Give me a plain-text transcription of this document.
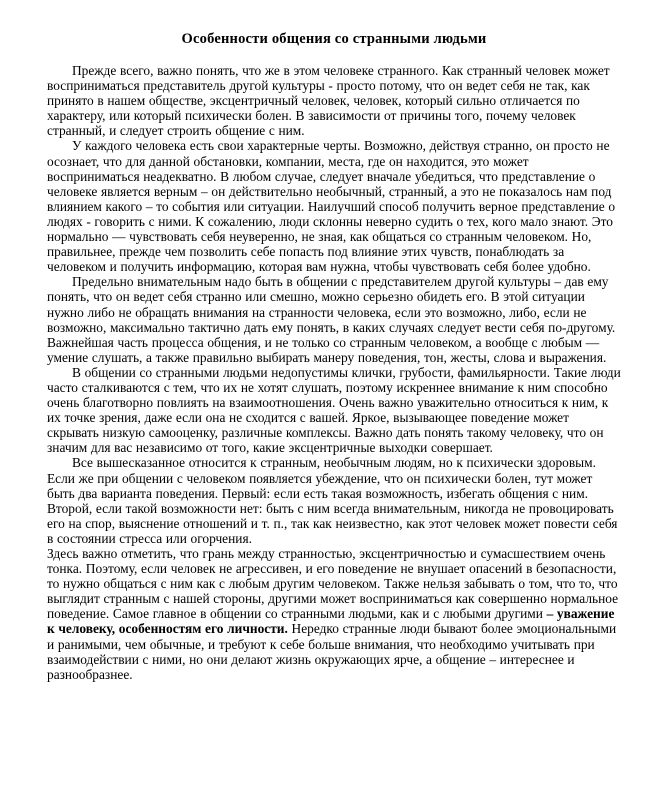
Особенности общения со странными людьми

Прежде всего, важно понять, что же в этом человеке странного. Как странный человек может восприниматься представитель другой культуры - просто потому, что он ведет себя не так, как принято в нашем обществе, эксцентричный человек, человек, который сильно отличается по характеру, или который психически болен. В зависимости от причины того, почему человек странный, и следует строить общение с ним.

У каждого человека есть свои характерные черты. Возможно, действуя странно, он просто не осознает, что для данной обстановки, компании, места, где он находится, это может восприниматься неадекватно. В любом случае, следует вначале убедиться, что представление о человеке является верным – он действительно необычный, странный, а это не показалось нам под влиянием какого – то события или ситуации. Наилучший способ получить верное представление о людях - говорить с ними. К сожалению, люди склонны неверно судить о тех, кого мало знают. Это нормально — чувствовать себя неуверенно, не зная, как общаться со странным человеком. Но, правильнее, прежде чем позволить себе попасть под влияние этих чувств, понаблюдать за человеком и получить информацию, которая вам нужна, чтобы чувствовать себя более удобно.

Предельно внимательным надо быть в общении с представителем другой культуры – дав ему понять, что он ведет себя странно или смешно, можно серьезно обидеть его. В этой ситуации нужно либо не обращать внимания на странности человека, если это возможно, либо, если не возможно, максимально тактично дать ему понять, в каких случаях следует вести себя по-другому. Важнейшая часть процесса общения, и не только со странным человеком, а вообще с любым — умение слушать, а также правильно выбирать манеру поведения, тон, жесты, слова и выражения.

В общении со странными людьми недопустимы клички, грубости, фамильярности. Такие люди часто сталкиваются с тем, что их не хотят слушать, поэтому искреннее внимание к ним способно очень благотворно повлиять на взаимоотношения. Очень важно уважительно относиться к ним, к их точке зрения, даже если она не сходится с вашей. Яркое, вызывающее поведение может скрывать низкую самооценку, различные комплексы. Важно дать понять такому человеку, что он значим для вас независимо от того, какие эксцентричные выходки совершает.

Все вышесказанное относится к странным, необычным людям, но к психически здоровым. Если же при общении с человеком появляется убеждение, что он психически болен, тут может быть два варианта поведения. Первый: если есть такая возможность, избегать общения с ним. Второй, если такой возможности нет: быть с ним всегда внимательным, никогда не провоцировать его на спор, выяснение отношений и т. п., так как неизвестно, как этот человек может повести себя в состоянии стресса или огорчения.

Здесь важно отметить, что грань между странностью, эксцентричностью и сумасшествием очень тонка. Поэтому, если человек не агрессивен, и его поведение не внушает опасений в безопасности, то нужно общаться с ним как с любым другим человеком. Также нельзя забывать о том, что то, что выглядит странным с нашей стороны, другими может восприниматься как совершенно нормальное поведение. Самое главное в общении со странными людьми, как и с любыми другими – уважение к человеку, особенностям его личности. Нередко странные люди бывают более эмоциональными и ранимыми, чем обычные, и требуют к себе больше внимания, что необходимо учитывать при взаимодействии с ними, но они делают жизнь окружающих ярче, а общение – интереснее и разнообразнее.
